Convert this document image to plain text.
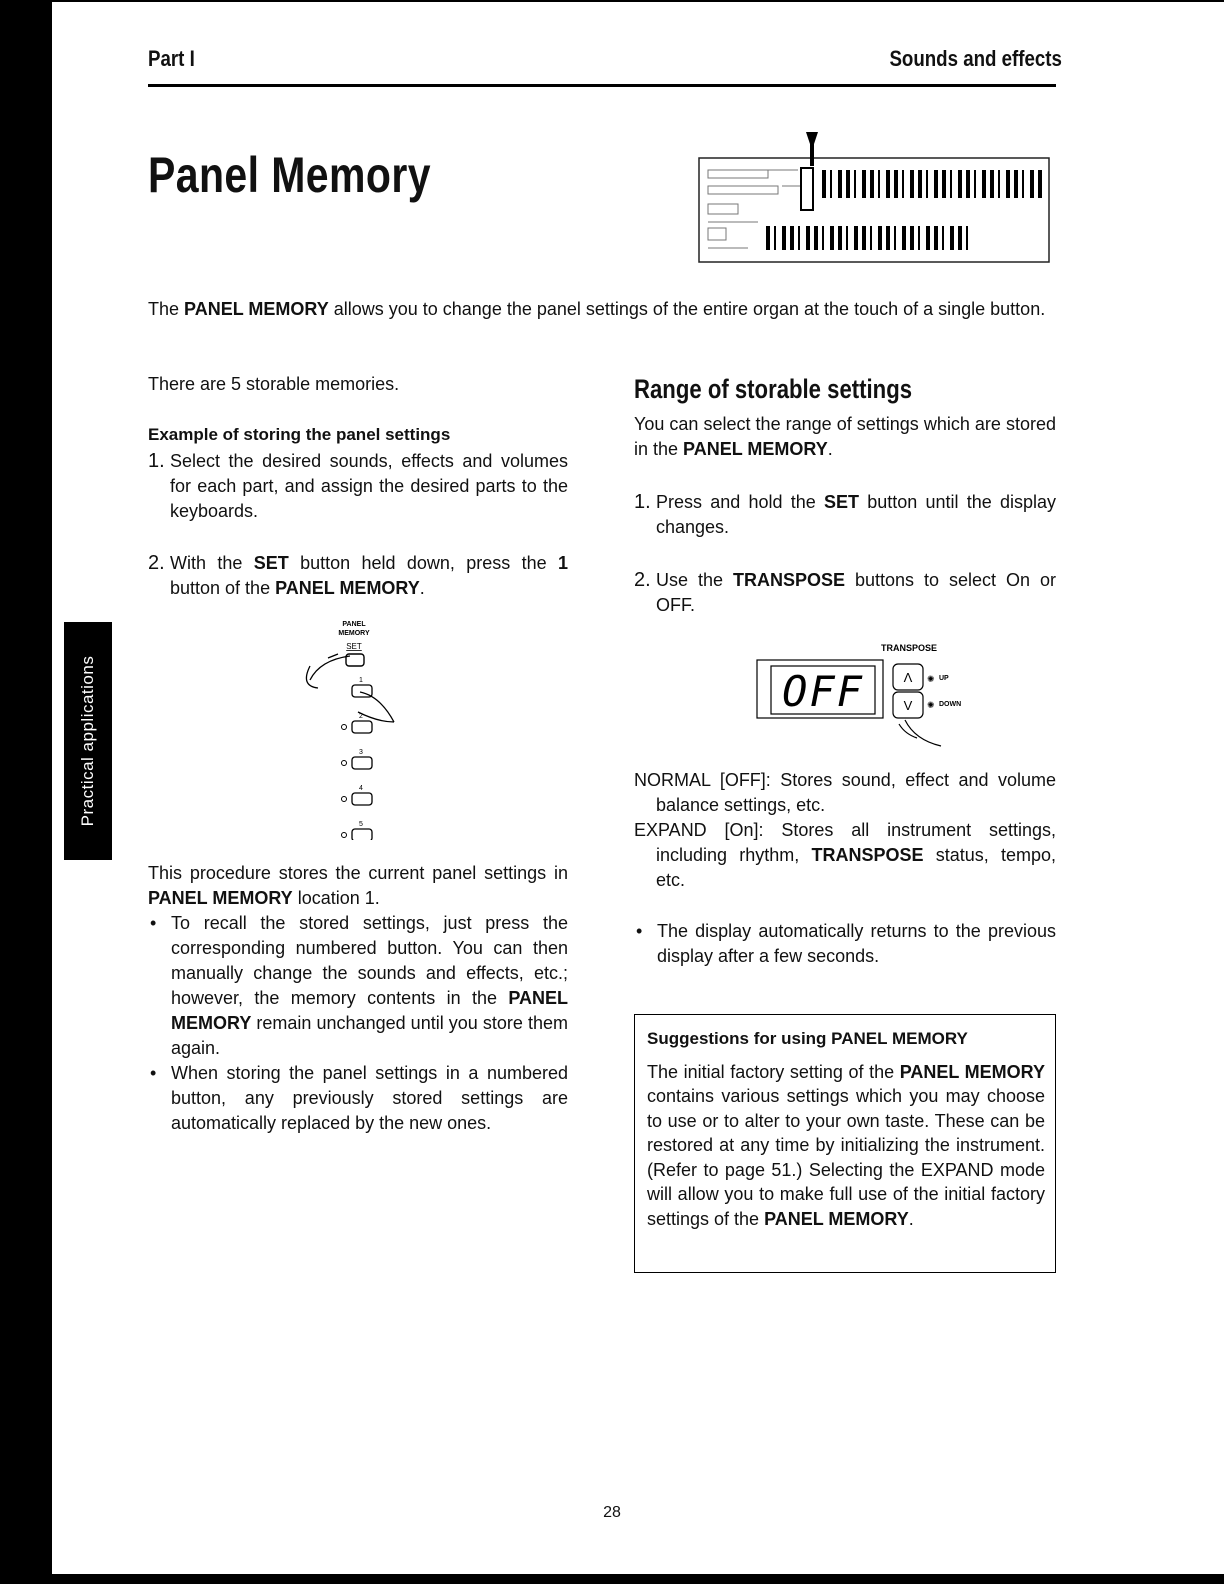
Part I	Sounds and effects
Panel Memory
The PANEL MEMORY allows you to change the panel settings of the entire organ at the touch of a single button.

There are 5 storable memories.

Example of storing the panel settings

1. Select the desired sounds, effects and volumes for each part, and assign the desired parts to the keyboards.
2. With the SET button held down, press the 1 button of the PANEL MEMORY.
PANEL
MEMORY
SET
1
2
3
4
5

This procedure stores the current panel settings in PANEL MEMORY location 1.

• To recall the stored settings, just press the corresponding numbered button. You can then manually change the sounds and effects, etc.; however, the memory contents in the PANEL MEMORY remain unchanged until you store them again.
• When storing the panel settings in a numbered button, any previously stored settings are automatically replaced by the new ones.
Range of storable settings

You can select the range of settings which are stored in the PANEL MEMORY.

1. Press and hold the SET button until the display changes.
2. Use the TRANSPOSE buttons to select On or OFF.
TRANSPOSE
OFF	Λ
V
✺ UP
✺ DOWN

NORMAL [OFF]: Stores sound, effect and volume balance settings, etc.

EXPAND [On]: Stores all instrument settings, including rhythm, TRANSPOSE status, tempo, etc.

• The display automatically returns to the previous display after a few seconds.

Suggestions for using PANEL MEMORY

The initial factory setting of the PANEL MEMORY contains various settings which you may choose to use or to alter to your own taste. These can be restored at any time by initializing the instrument. (Refer to page 51.) Selecting the EXPAND mode will allow you to make full use of the initial factory settings of the PANEL MEMORY.

Practical applications
28
